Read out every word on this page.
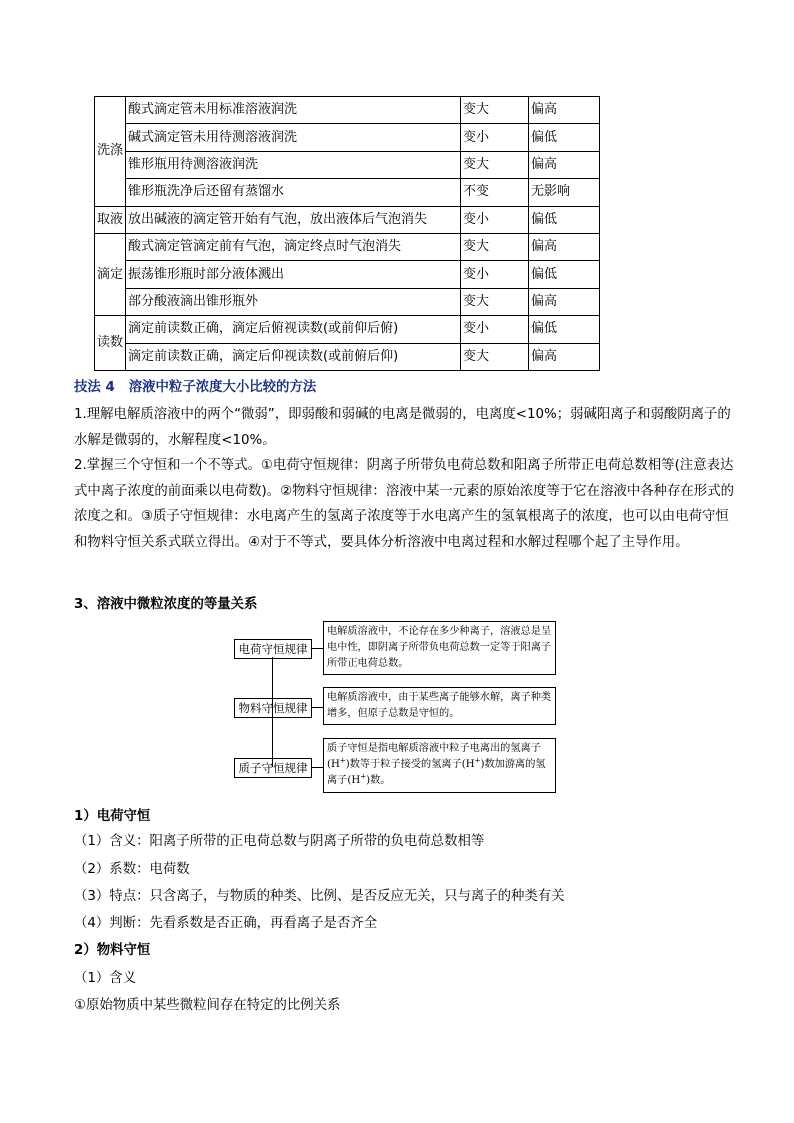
洗涤	酸式滴定管未用标准溶液润洗	变大	偏高
	碱式滴定管未用待测溶液润洗	变小	偏低
	锥形瓶用待测溶液润洗	变大	偏高
	锥形瓶洗净后还留有蒸馏水	不变	无影响
取液	放出碱液的滴定管开始有气泡，放出液体后气泡消失	变小	偏低
滴定	酸式滴定管滴定前有气泡，滴定终点时气泡消失	变大	偏高
	振荡锥形瓶时部分液体溅出	变小	偏低
	部分酸液滴出锥形瓶外	变大	偏高
读数	滴定前读数正确，滴定后俯视读数(或前仰后俯)	变小	偏低
	滴定前读数正确，滴定后仰视读数(或前俯后仰)	变大	偏高
技法 4 溶液中粒子浓度大小比较的方法
1.理解电解质溶液中的两个“微弱”，即弱酸和弱碱的电离是微弱的，电离度<10%；弱碱阳离子和弱酸阴离子的水解是微弱的，水解程度<10%。
2.掌握三个守恒和一个不等式。①电荷守恒规律：阴离子所带负电荷总数和阳离子所带正电荷总数相等(注意表达式中离子浓度的前面乘以电荷数)。②物料守恒规律：溶液中某一元素的原始浓度等于它在溶液中各种存在形式的浓度之和。③质子守恒规律：水电离产生的氢离子浓度等于水电离产生的氢氧根离子的浓度，也可以由电荷守恒和物料守恒关系式联立得出。④对于不等式，要具体分析溶液中电离过程和水解过程哪个起了主导作用。
3、溶液中微粒浓度的等量关系
电荷守恒规律
物料守恒规律
质子守恒规律
电解质溶液中，不论存在多少种离子，溶液总是呈电中性，即阴离子所带负电荷总数一定等于阳离子所带正电荷总数。
电解质溶液中，由于某些离子能够水解，离子种类增多，但原子总数是守恒的。
质子守恒是指电解质溶液中粒子电离出的氢离子(H+)数等于粒子接受的氢离子(H+)数加游离的氢离子(H+)数。
1）电荷守恒
（1）含义：阳离子所带的正电荷总数与阴离子所带的负电荷总数相等
（2）系数：电荷数
（3）特点：只含离子，与物质的种类、比例、是否反应无关，只与离子的种类有关
（4）判断：先看系数是否正确，再看离子是否齐全
2）物料守恒
（1）含义
①原始物质中某些微粒间存在特定的比例关系
